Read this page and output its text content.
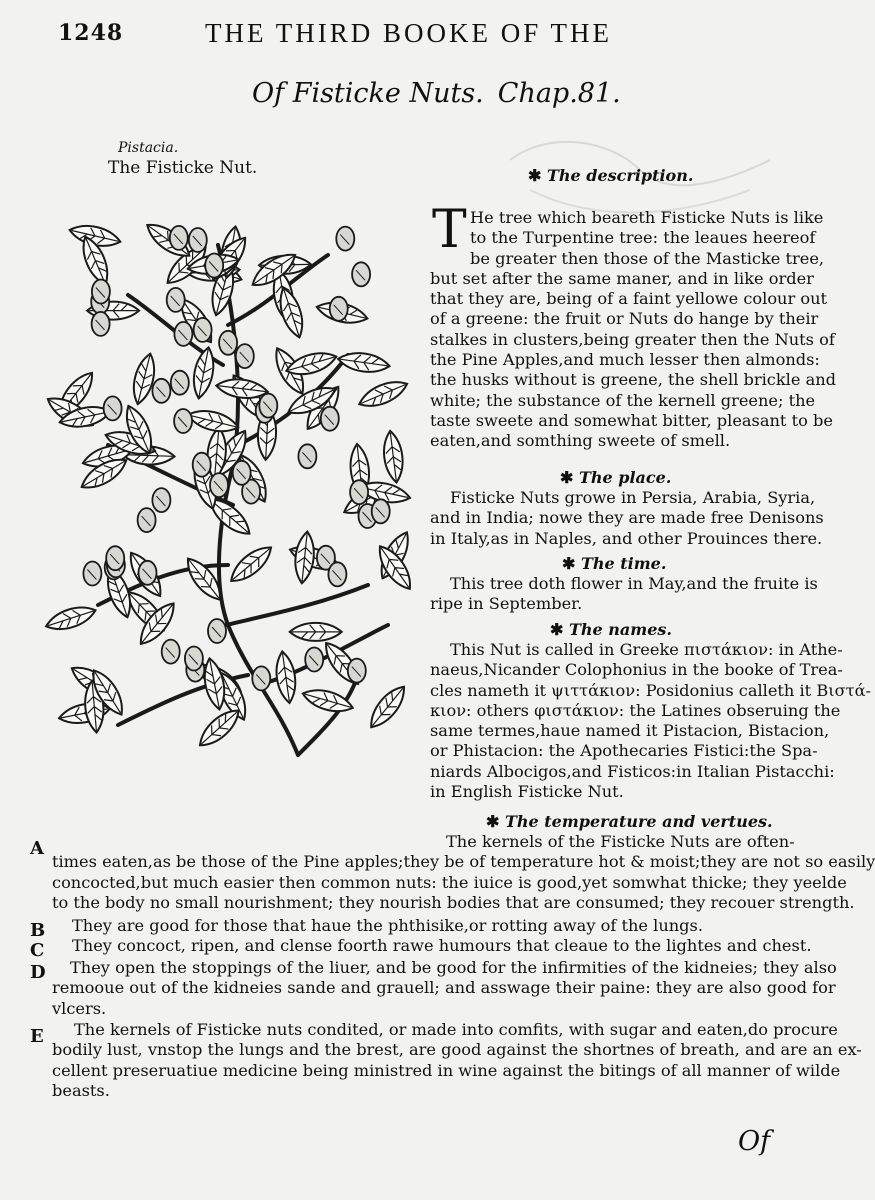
1248	THE THIRD BOOKE OF THE
Of Fisticke Nuts. Chap.81.
Pistacia.
The Fisticke Nut.	✱ The description.
T He tree which beareth Fisticke Nuts is like
to the Turpentine tree: the leaues heereof
be greater then those of the Masticke tree,
but set after the same maner, and in like order
that they are, being of a faint yellowe colour out
of a greene: the fruit or Nuts do hange by their
stalkes in clusters,being greater then the Nuts of
the Pine Apples,and much lesser then almonds:
the husks without is greene, the shell brickle and
white; the substance of the kernell greene; the
taste sweete and somewhat bitter, pleasant to be
eaten,and somthing sweete of smell.
✱ The place.
Fisticke Nuts growe in Persia, Arabia, Syria,
and in India; nowe they are made free Denisons
in Italy,as in Naples, and other Prouinces there.
✱ The time.
This tree doth flower in May,and the fruite is
ripe in September.
✱ The names.
This Nut is called in Greeke πιστάκιον: in Athe-
naeus,Nicander Colophonius in the booke of Trea-
cles nameth it ψιττάκιον: Posidonius calleth it Βιστά-
κιον: others φιστάκιον: the Latines obseruing the
same termes,haue named it Pistacion, Bistacion,
or Phistacion: the Apothecaries Fistici:the Spa-
niards Albocigos,and Fisticos:in Italian Pistacchi:
in English Fisticke Nut.
✱ The temperature and vertues.
A	The kernels of the Fisticke Nuts are often-
times eaten,as be those of the Pine apples;they be of temperature hot & moist;they are not so easily
concocted,but much easier then common nuts: the iuice is good,yet somwhat thicke; they yeelde
to the body no small nourishment; they nourish bodies that are consumed; they recouer strength.
B They are good for those that haue the phthisike,or rotting away of the lungs.
C They concoct, ripen, and clense foorth rawe humours that cleaue to the lightes and chest.
D	They open the stoppings of the liuer, and be good for the infirmities of the kidneies; they also
remooue out of the kidneies sande and grauell; and asswage their paine: they are also good for
vlcers.
E	The kernels of Fisticke nuts condited, or made into comfits, with sugar and eaten,do procure
bodily lust, vnstop the lungs and the brest, are good against the shortnes of breath, and are an ex-
cellent preseruatiue medicine being ministred in wine against the bitings of all manner of wilde
beasts.
Of
